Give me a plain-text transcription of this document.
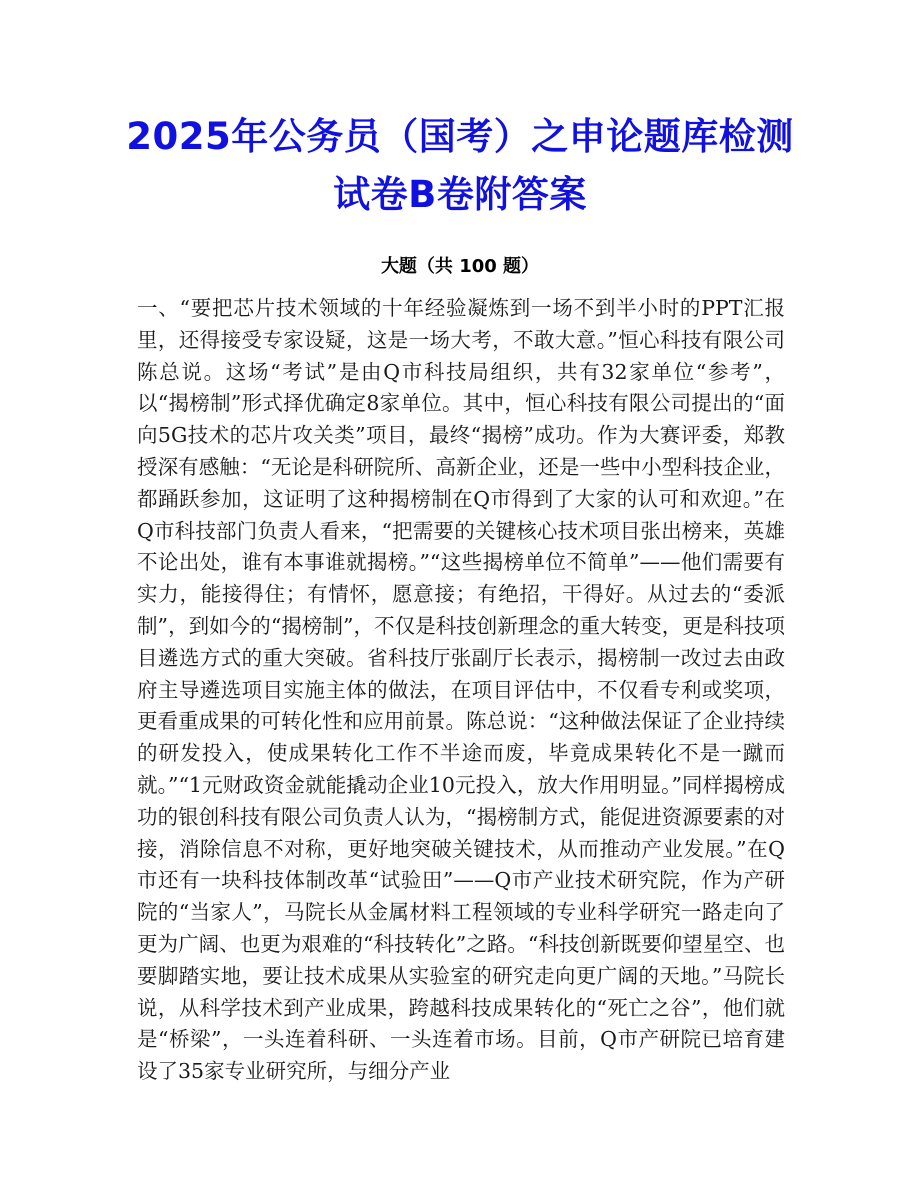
2025年公务员（国考）之申论题库检测试卷B卷附答案
大题（共 100 题）

一、“要把芯片技术领域的十年经验凝炼到一场不到半小时的PPT汇报里，还得接受专家设疑，这是一场大考，不敢大意。”恒心科技有限公司陈总说。这场“考试”是由Q市科技局组织，共有32家单位“参考”，以“揭榜制”形式择优确定8家单位。其中，恒心科技有限公司提出的“面向5G技术的芯片攻关类”项目，最终“揭榜”成功。作为大赛评委，郑教授深有感触：“无论是科研院所、高新企业，还是一些中小型科技企业，都踊跃参加，这证明了这种揭榜制在Q市得到了大家的认可和欢迎。”在Q市科技部门负责人看来，“把需要的关键核心技术项目张出榜来，英雄不论出处，谁有本事谁就揭榜。”“这些揭榜单位不简单”——他们需要有实力，能接得住；有情怀，愿意接；有绝招，干得好。从过去的“委派制”，到如今的“揭榜制”，不仅是科技创新理念的重大转变，更是科技项目遴选方式的重大突破。省科技厅张副厅长表示，揭榜制一改过去由政府主导遴选项目实施主体的做法，在项目评估中，不仅看专利或奖项，更看重成果的可转化性和应用前景。陈总说：“这种做法保证了企业持续的研发投入，使成果转化工作不半途而废，毕竟成果转化不是一蹴而就。”“1元财政资金就能撬动企业10元投入，放大作用明显。”同样揭榜成功的银创科技有限公司负责人认为，“揭榜制方式，能促进资源要素的对接，消除信息不对称，更好地突破关键技术，从而推动产业发展。”在Q市还有一块科技体制改革“试验田”——Q市产业技术研究院，作为产研院的“当家人”，马院长从金属材料工程领域的专业科学研究一路走向了更为广阔、也更为艰难的“科技转化”之路。“科技创新既要仰望星空、也要脚踏实地，要让技术成果从实验室的研究走向更广阔的天地。”马院长说，从科学技术到产业成果，跨越科技成果转化的“死亡之谷”，他们就是“桥梁”，一头连着科研、一头连着市场。目前，Q市产研院已培育建设了35家专业研究所，与细分产业
